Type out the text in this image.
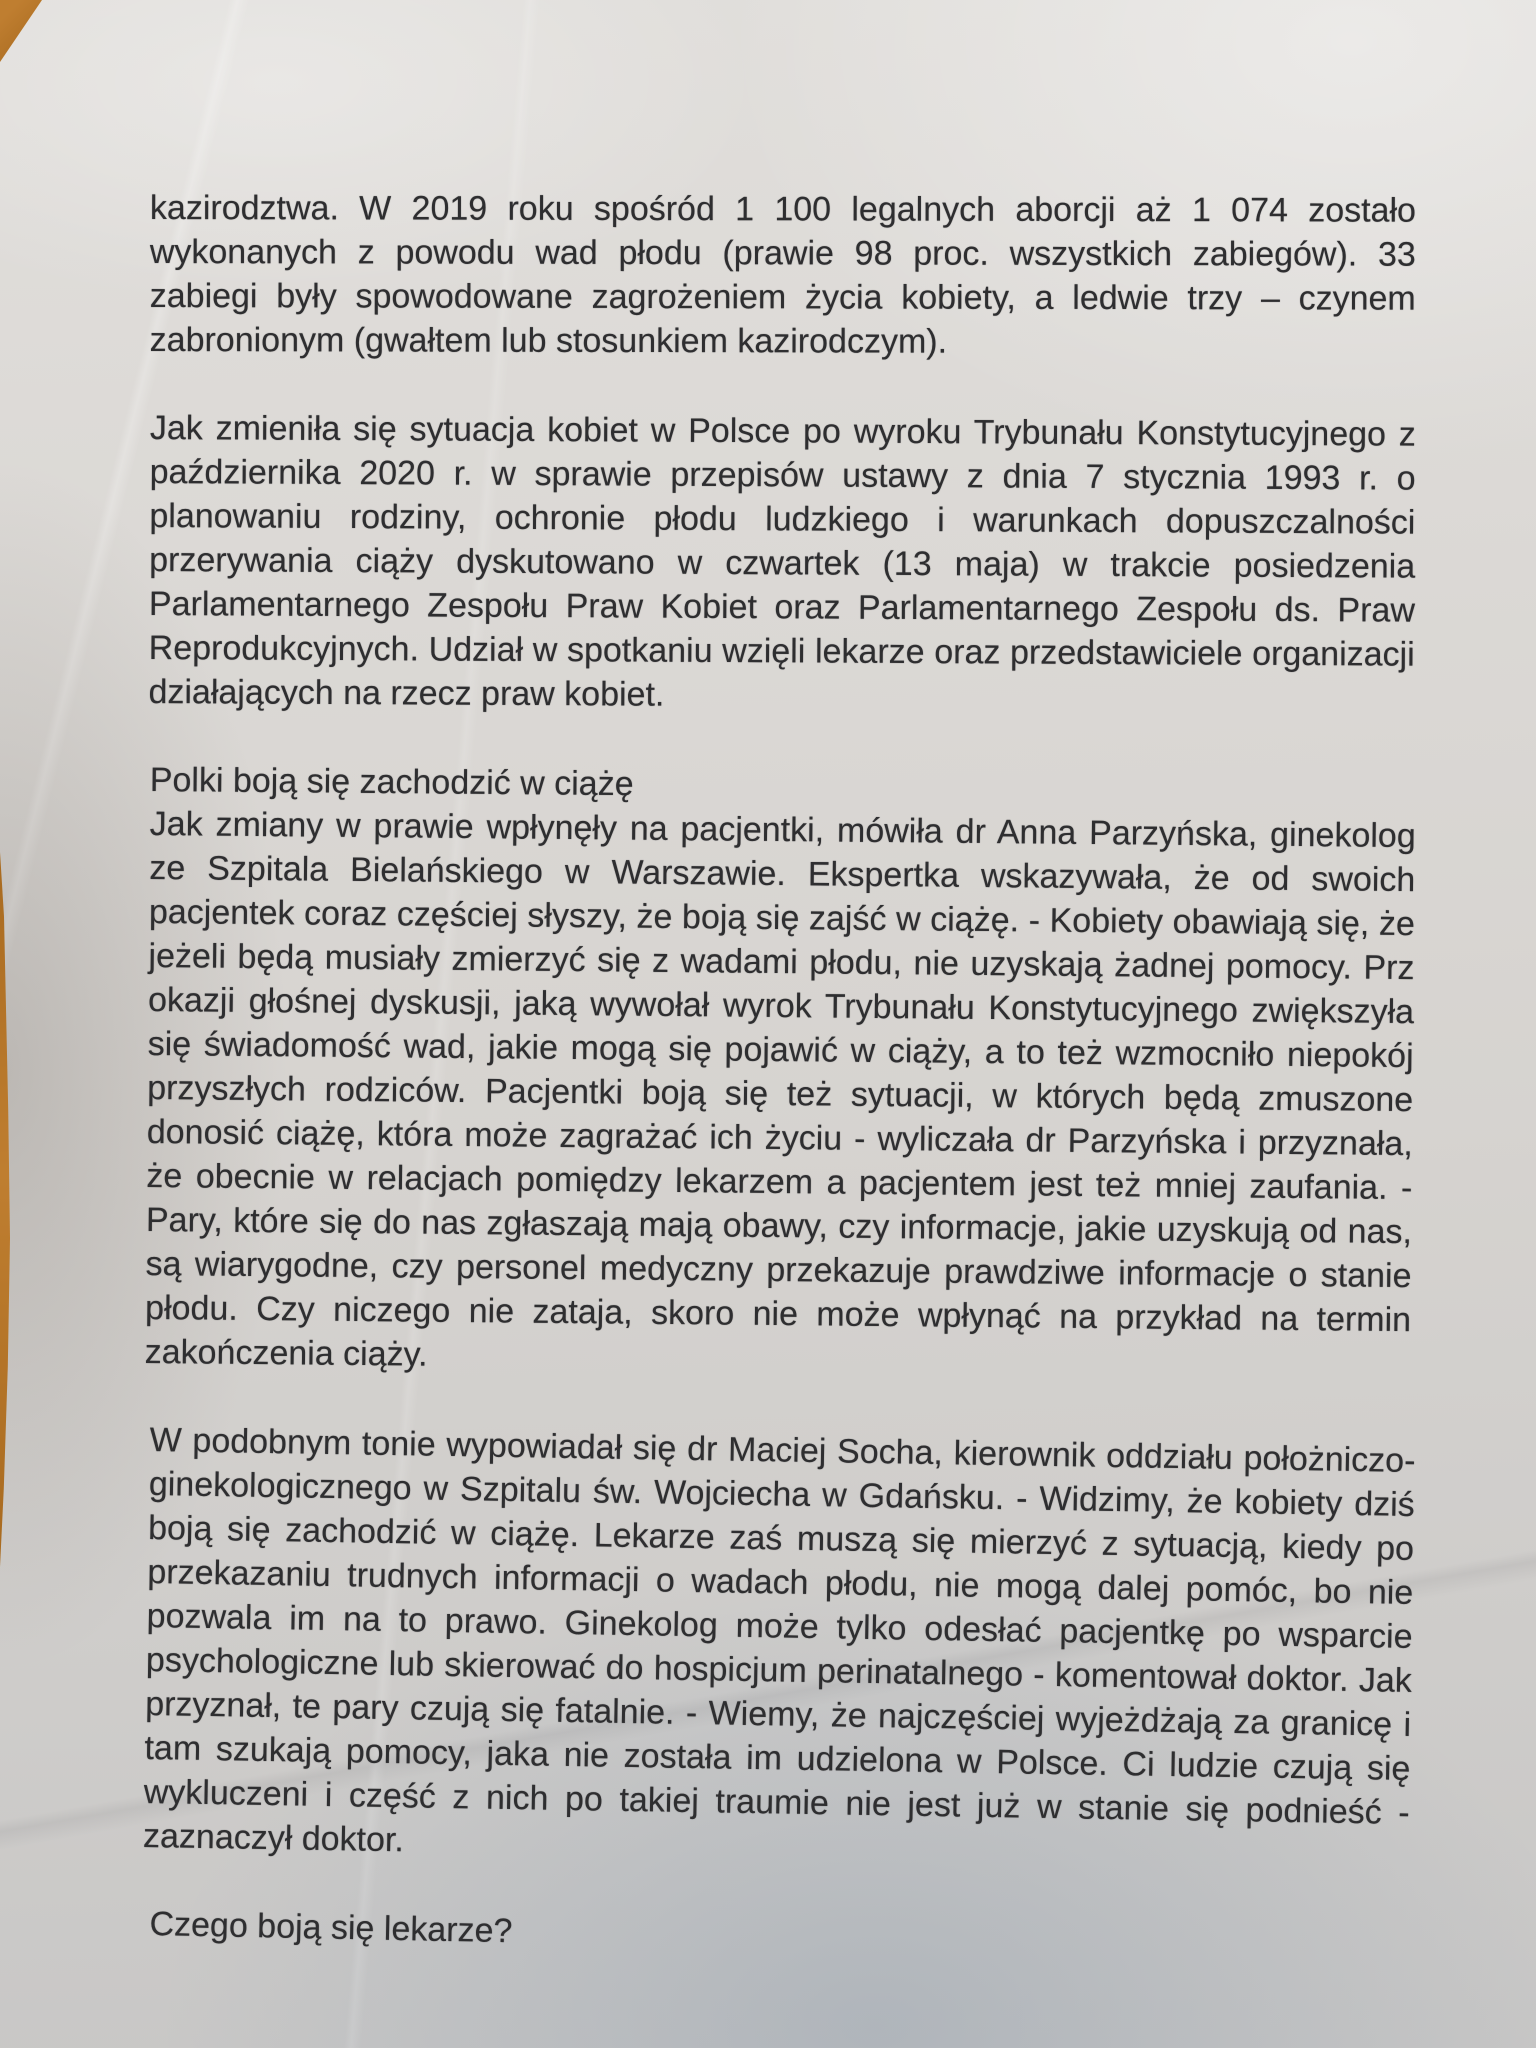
kazirodztwa. W 2019 roku spośród 1 100 legalnych aborcji aż 1 074 zostało wykonanych z powodu wad płodu (prawie 98 proc. wszystkich zabiegów). 33 zabiegi były spowodowane zagrożeniem życia kobiety, a ledwie trzy – czynem zabronionym (gwałtem lub stosunkiem kazirodczym).

Jak zmieniła się sytuacja kobiet w Polsce po wyroku Trybunału Konstytucyjnego z października 2020 r. w sprawie przepisów ustawy z dnia 7 stycznia 1993 r. o planowaniu rodziny, ochronie płodu ludzkiego i warunkach dopuszczalności przerywania ciąży dyskutowano w czwartek (13 maja) w trakcie posiedzenia Parlamentarnego Zespołu Praw Kobiet oraz Parlamentarnego Zespołu ds. Praw Reprodukcyjnych. Udział w spotkaniu wzięli lekarze oraz przedstawiciele organizacji działających na rzecz praw kobiet.

Polki boją się zachodzić w ciążę

Jak zmiany w prawie wpłynęły na pacjentki, mówiła dr Anna Parzyńska, ginekolog ze Szpitala Bielańskiego w Warszawie. Ekspertka wskazywała, że od swoich pacjentek coraz częściej słyszy, że boją się zajść w ciążę. - Kobiety obawiają się, że jeżeli będą musiały zmierzyć się z wadami płodu, nie uzyskają żadnej pomocy. Prz okazji głośnej dyskusji, jaką wywołał wyrok Trybunału Konstytucyjnego zwiększyła się świadomość wad, jakie mogą się pojawić w ciąży, a to też wzmocniło niepokój przyszłych rodziców. Pacjentki boją się też sytuacji, w których będą zmuszone donosić ciążę, która może zagrażać ich życiu - wyliczała dr Parzyńska i przyznała, że obecnie w relacjach pomiędzy lekarzem a pacjentem jest też mniej zaufania. - Pary, które się do nas zgłaszają mają obawy, czy informacje, jakie uzyskują od nas, są wiarygodne, czy personel medyczny przekazuje prawdziwe informacje o stanie płodu. Czy niczego nie zataja, skoro nie może wpłynąć na przykład na termin zakończenia ciąży.

W podobnym tonie wypowiadał się dr Maciej Socha, kierownik oddziału położniczo-ginekologicznego w Szpitalu św. Wojciecha w Gdańsku. - Widzimy, że kobiety dziś boją się zachodzić w ciążę. Lekarze zaś muszą się mierzyć z sytuacją, kiedy po przekazaniu trudnych informacji o wadach płodu, nie mogą dalej pomóc, bo nie pozwala im na to prawo. Ginekolog może tylko odesłać pacjentkę po wsparcie psychologiczne lub skierować do hospicjum perinatalnego - komentował doktor. Jak przyznał, te pary czują się fatalnie. - Wiemy, że najczęściej wyjeżdżają za granicę i tam szukają pomocy, jaka nie została im udzielona w Polsce. Ci ludzie czują się wykluczeni i część z nich po takiej traumie nie jest już w stanie się podnieść - zaznaczył doktor.

Czego boją się lekarze?
